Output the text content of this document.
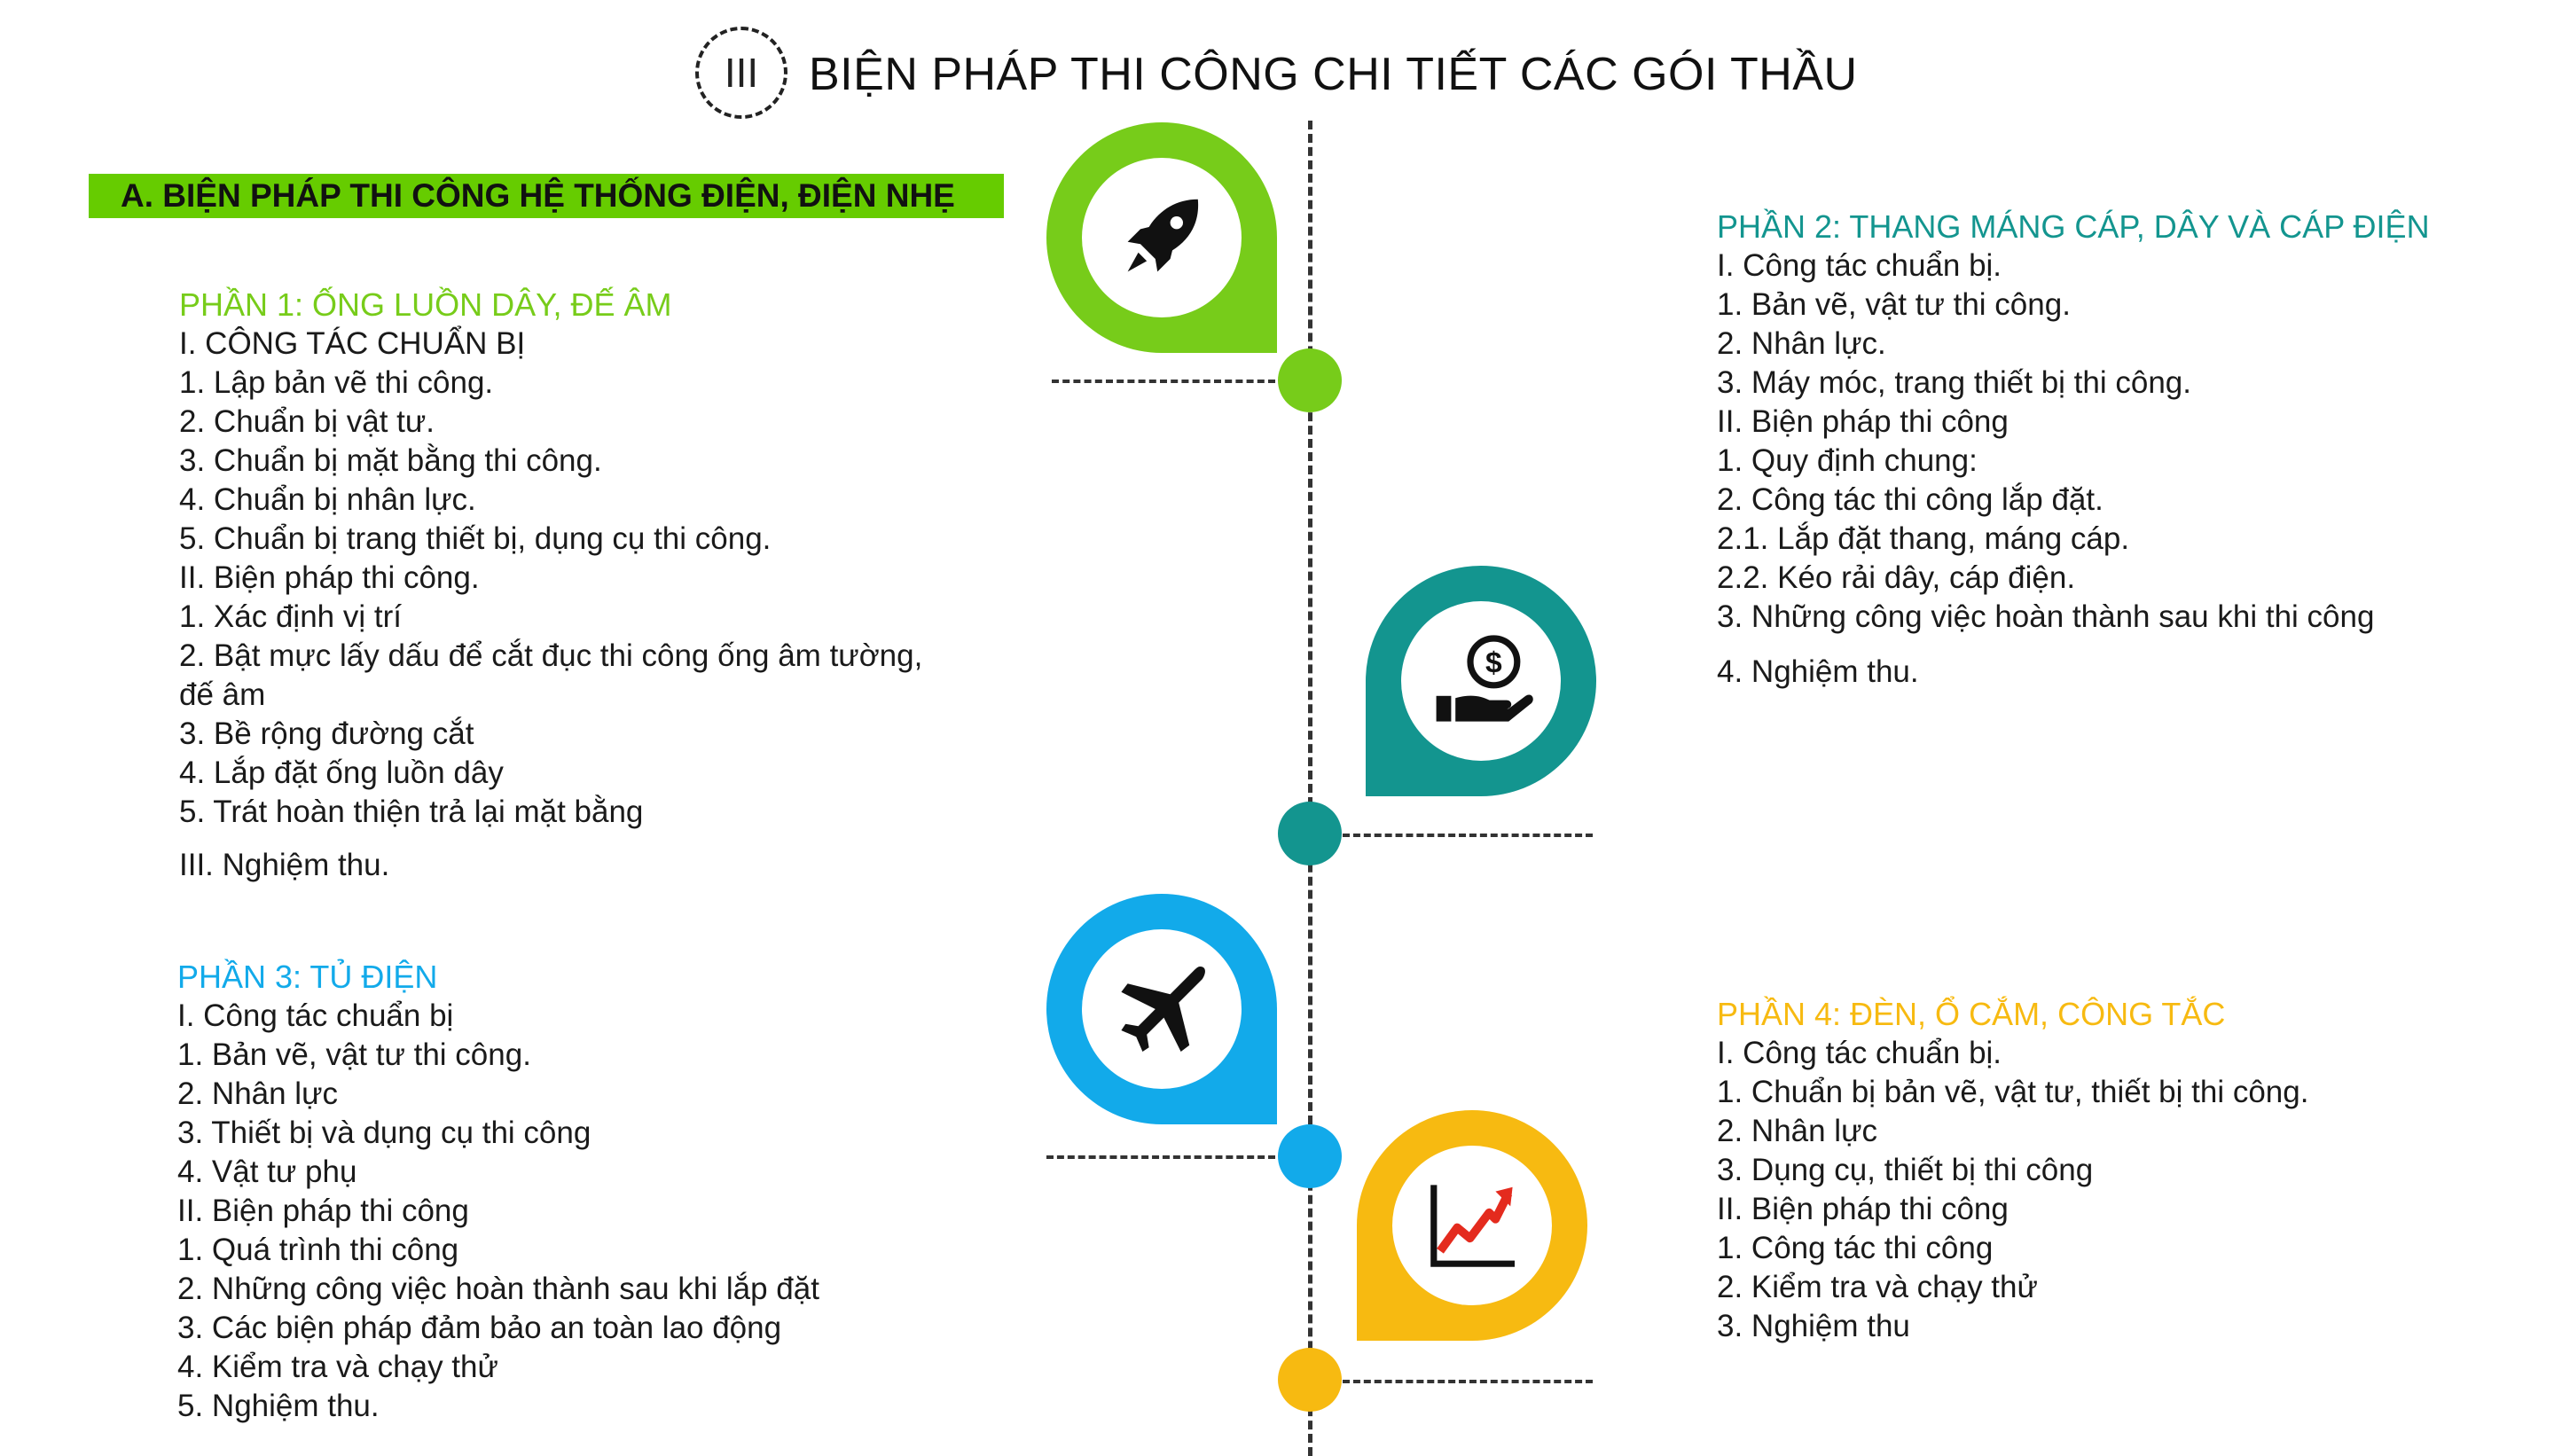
III BIỆN PHÁP THI CÔNG CHI TIẾT CÁC GÓI THẦU
A. BIỆN PHÁP THI CÔNG HỆ THỐNG ĐIỆN, ĐIỆN NHẸ
$
PHẦN 1: ỐNG LUỒN DÂY, ĐẾ ÂM
I. CÔNG TÁC CHUẨN BỊ
1. Lập bản vẽ thi công.
2. Chuẩn bị vật tư.
3. Chuẩn bị mặt bằng thi công.
4. Chuẩn bị nhân lực.
5. Chuẩn bị trang thiết bị, dụng cụ thi công.
II. Biện pháp thi công.
1. Xác định vị trí
2. Bật mực lấy dấu để cắt đục thi công ống âm tường,
đế âm
3. Bề rộng đường cắt
4. Lắp đặt ống luồn dây
5. Trát hoàn thiện trả lại mặt bằng
III. Nghiệm thu.
PHẦN 2: THANG MÁNG CÁP, DÂY VÀ CÁP ĐIỆN
I. Công tác chuẩn bị.
1. Bản vẽ, vật tư thi công.
2. Nhân lực.
3. Máy móc, trang thiết bị thi công.
II. Biện pháp thi công
1. Quy định chung:
2. Công tác thi công lắp đặt.
2.1. Lắp đặt thang, máng cáp.
2.2. Kéo rải dây, cáp điện.
3. Những công việc hoàn thành sau khi thi công
4. Nghiệm thu.
PHẦN 3: TỦ ĐIỆN
I. Công tác chuẩn bị
1. Bản vẽ, vật tư thi công.
2. Nhân lực
3. Thiết bị và dụng cụ thi công
4. Vật tư phụ
II. Biện pháp thi công
1. Quá trình thi công
2. Những công việc hoàn thành sau khi lắp đặt
3. Các biện pháp đảm bảo an toàn lao động
4. Kiểm tra và chạy thử
5. Nghiệm thu.
PHẦN 4: ĐÈN, Ổ CẮM, CÔNG TẮC
I. Công tác chuẩn bị.
1. Chuẩn bị bản vẽ, vật tư, thiết bị thi công.
2. Nhân lực
3. Dụng cụ, thiết bị thi công
II. Biện pháp thi công
1. Công tác thi công
2. Kiểm tra và chạy thử
3. Nghiệm thu
